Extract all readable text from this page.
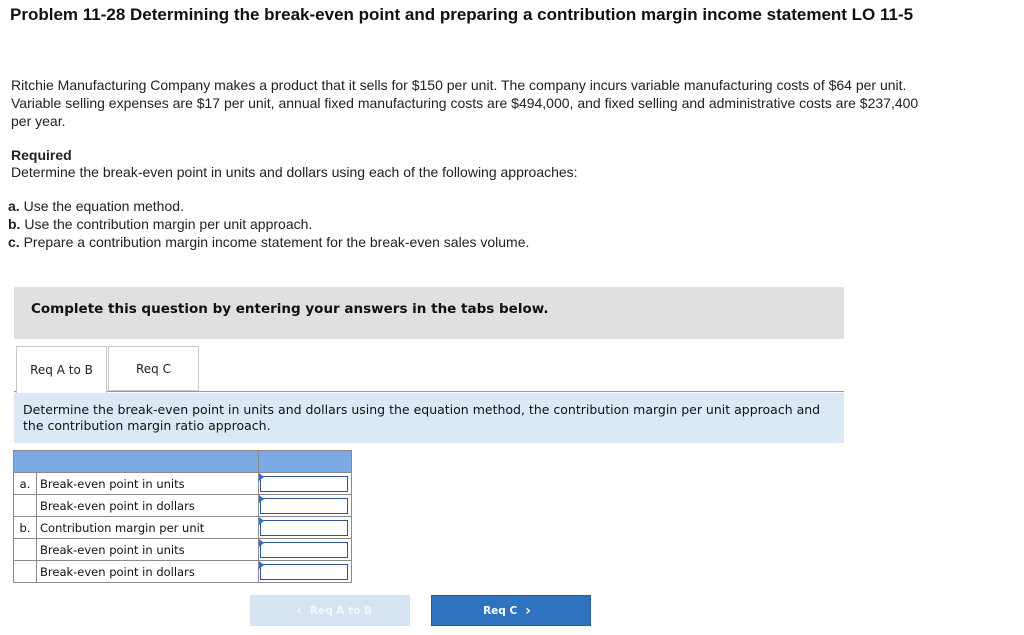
Problem 11-28 Determining the break-even point and preparing a contribution margin income statement LO 11-5
Ritchie Manufacturing Company makes a product that it sells for $150 per unit. The company incurs variable manufacturing costs of $64 per unit. Variable selling expenses are $17 per unit, annual fixed manufacturing costs are $494,000, and fixed selling and administrative costs are $237,400 per year.
Required
Determine the break-even point in units and dollars using each of the following approaches:
a. Use the equation method.
b. Use the contribution margin per unit approach.
c. Prepare a contribution margin income statement for the break-even sales volume.
Complete this question by entering your answers in the tabs below.
Req A to B	Req C
Determine the break-even point in units and dollars using the equation method, the contribution margin per unit approach and the contribution margin ratio approach.

a.	Break-even point in units	

	Break-even point in dollars	

b.	Contribution margin per unit	

	Break-even point in units	

	Break-even point in dollars	
‹ Req A to B	Req C ›
